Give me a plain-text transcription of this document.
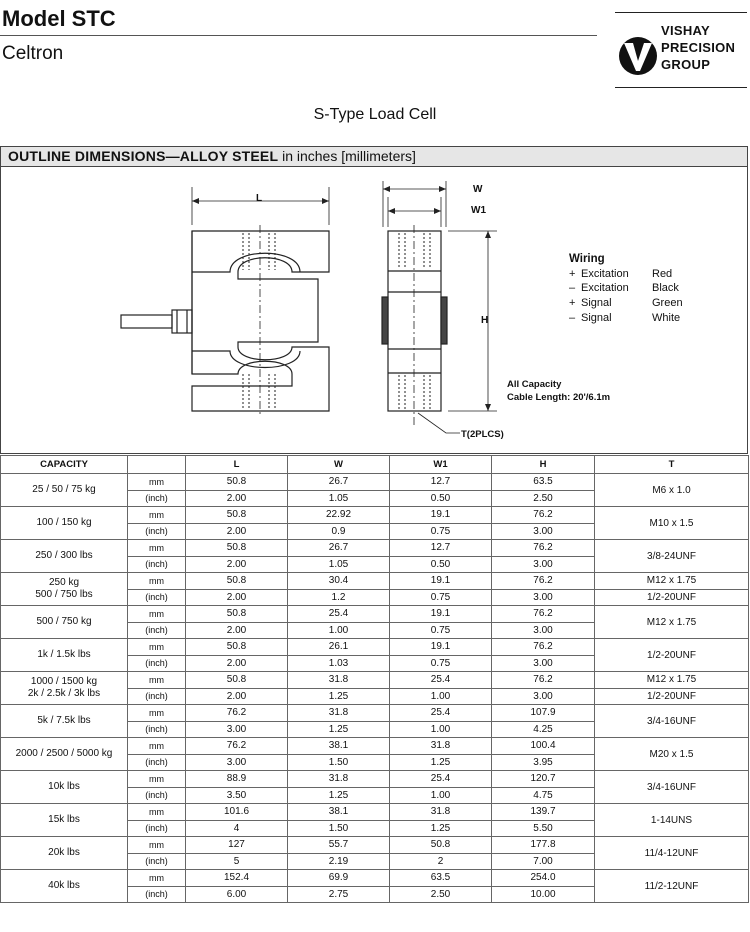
Model STC
Celtron
VISHAY
PRECISION
GROUP
S-Type Load Cell
OUTLINE DIMENSIONS—ALLOY STEEL in inches [millimeters]
L
W
W1
H
T(2PLCS)
Wiring
+ Excitation	Red
– Excitation	Black
+ Signal	Green
– Signal	White
All Capacity
Cable Length: 20'/6.1m
CAPACITY		L	W	W1	H	T

25 / 50 / 75 kg	mm	50.8	26.7	12.7	63.5	M6 x 1.0
	(inch)	2.00	1.05	0.50	2.50	

100 / 150 kg	mm	50.8	22.92	19.1	76.2	M10 x 1.5
	(inch)	2.00	0.9	0.75	3.00	

250 / 300 lbs	mm	50.8	26.7	12.7	76.2	3/8-24UNF
	(inch)	2.00	1.05	0.50	3.00	

250 kg
500 / 750 lbs	mm	50.8	30.4	19.1	76.2	M12 x 1.75
	(inch)	2.00	1.2	0.75	3.00	1/2-20UNF

500 / 750 kg	mm	50.8	25.4	19.1	76.2	M12 x 1.75
	(inch)	2.00	1.00	0.75	3.00	

1k / 1.5k lbs	mm	50.8	26.1	19.1	76.2	1/2-20UNF
	(inch)	2.00	1.03	0.75	3.00	

1000 / 1500 kg
2k / 2.5k / 3k lbs	mm	50.8	31.8	25.4	76.2	M12 x 1.75
	(inch)	2.00	1.25	1.00	3.00	1/2-20UNF

5k / 7.5k lbs	mm	76.2	31.8	25.4	107.9	3/4-16UNF
	(inch)	3.00	1.25	1.00	4.25	

2000 / 2500 / 5000 kg	mm	76.2	38.1	31.8	100.4	M20 x 1.5
	(inch)	3.00	1.50	1.25	3.95	

10k lbs	mm	88.9	31.8	25.4	120.7	3/4-16UNF
	(inch)	3.50	1.25	1.00	4.75	

15k lbs	mm	101.6	38.1	31.8	139.7	1-14UNS
	(inch)	4	1.50	1.25	5.50	

20k lbs	mm	127	55.7	50.8	177.8	11/4-12UNF
	(inch)	5	2.19	2	7.00	

40k lbs	mm	152.4	69.9	63.5	254.0	11/2-12UNF
	(inch)	6.00	2.75	2.50	10.00	
